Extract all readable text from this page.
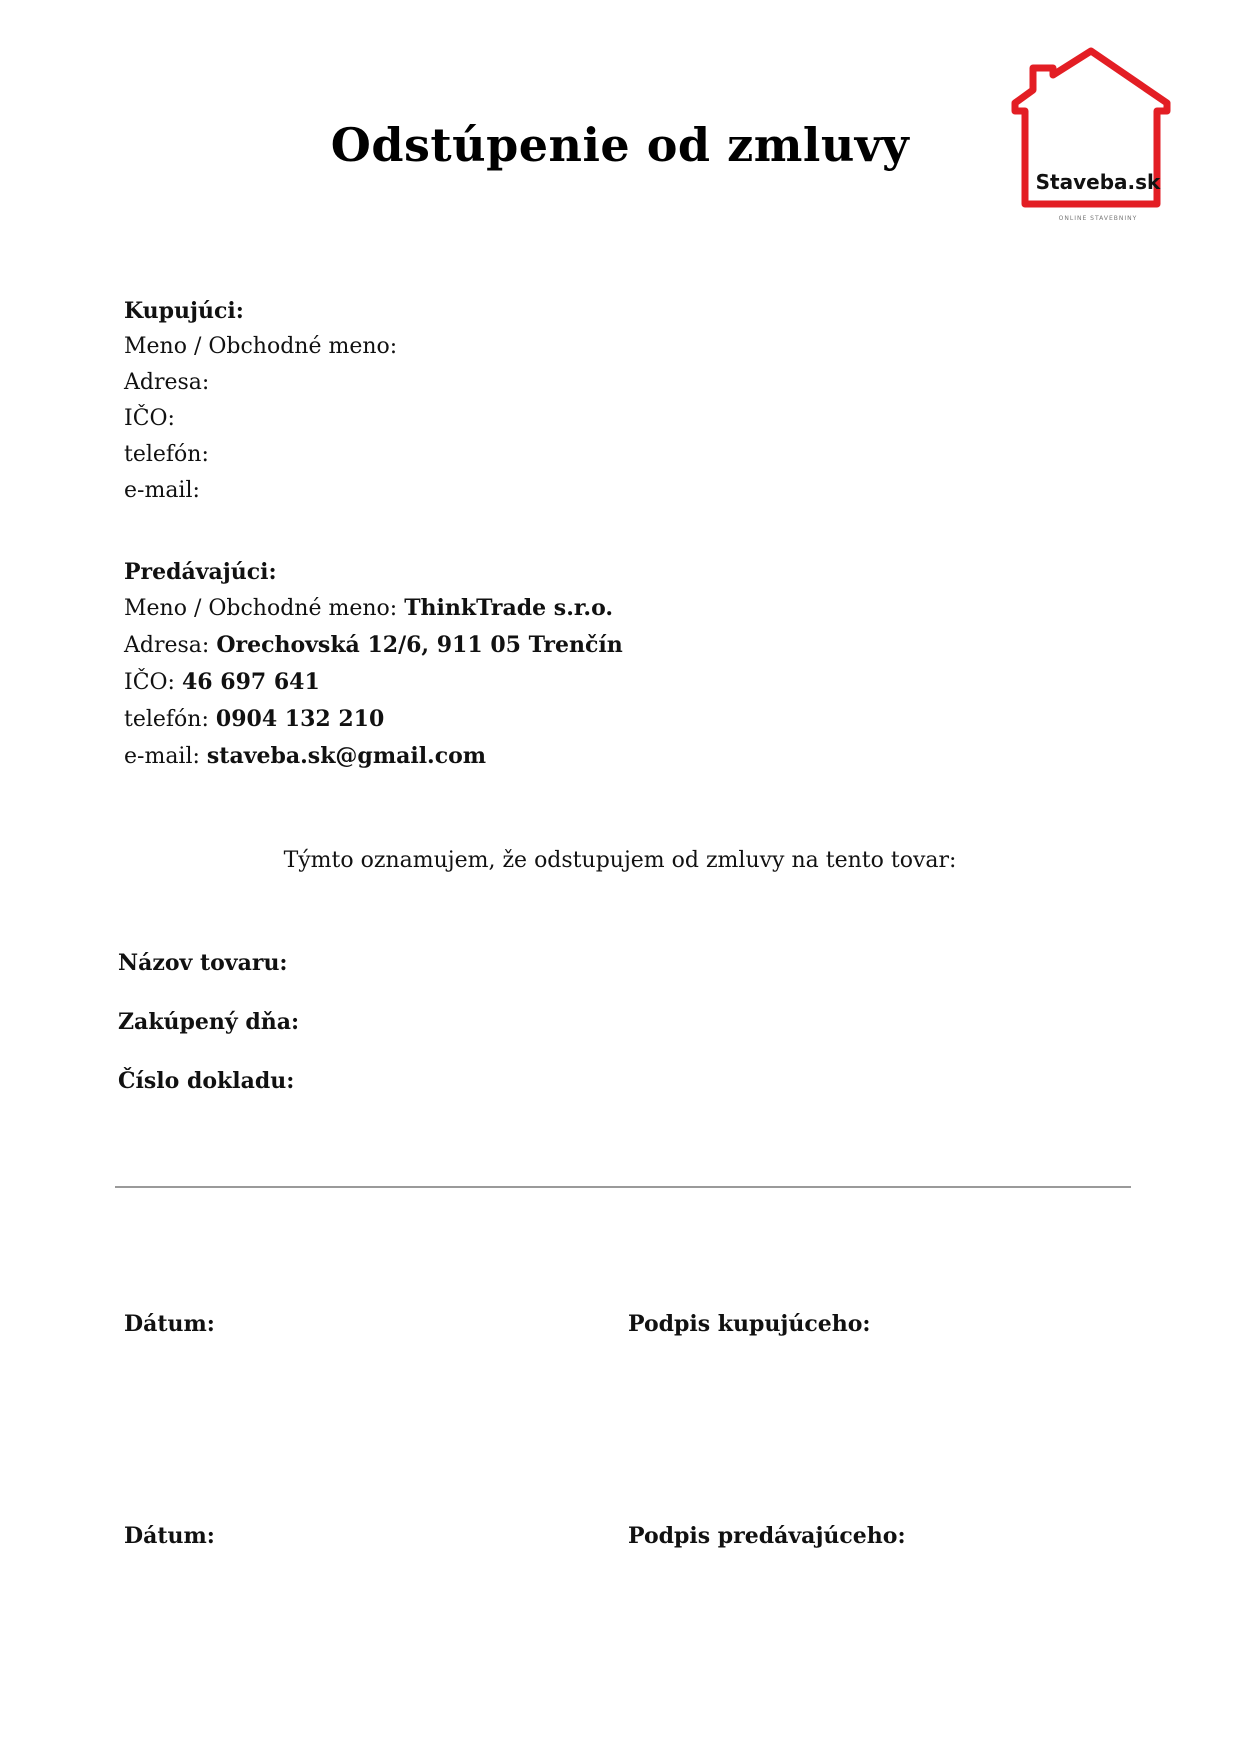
Odstúpenie od zmluvy
Staveba.sk
ONLINE STAVEBNINY
Kupujúci:
Meno / Obchodné meno:
Adresa:
IČO:
telefón:
e-mail:
Predávajúci:
Meno / Obchodné meno: ThinkTrade s.r.o.
Adresa: Orechovská 12/6, 911 05 Trenčín
IČO: 46 697 641
telefón: 0904 132 210
e-mail: staveba.sk@gmail.com
Týmto oznamujem, že odstupujem od zmluvy na tento tovar:
Názov tovaru:
Zakúpený dňa:
Číslo dokladu:
Dátum:	Podpis kupujúceho:
Dátum:	Podpis predávajúceho:
